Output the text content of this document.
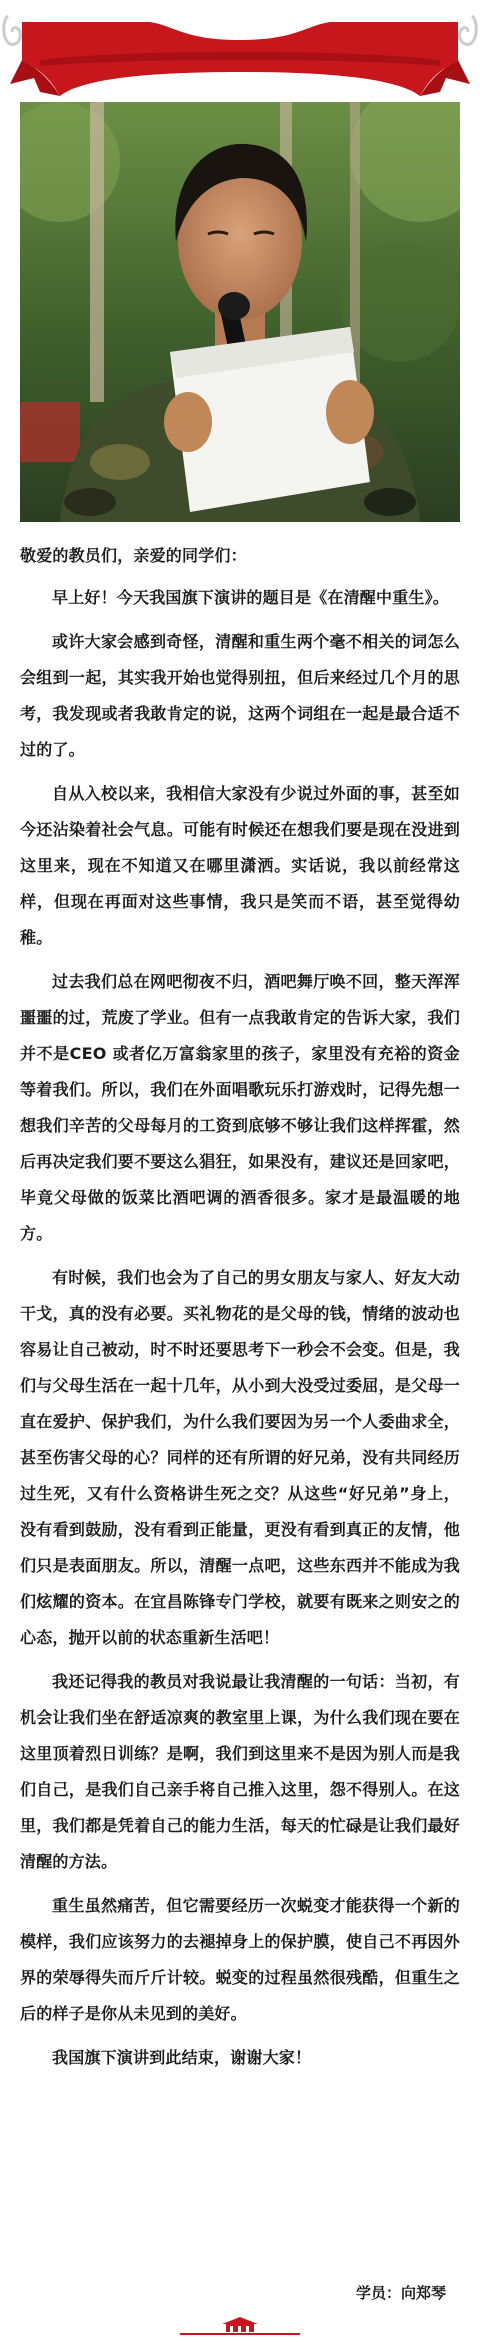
敬爱的教员们，亲爱的同学们：

早上好！今天我国旗下演讲的题目是《在清醒中重生》。

或许大家会感到奇怪，清醒和重生两个毫不相关的词怎么会组到一起，其实我开始也觉得别扭，但后来经过几个月的思考，我发现或者我敢肯定的说，这两个词组在一起是最合适不过的了。

自从入校以来，我相信大家没有少说过外面的事，甚至如今还沾染着社会气息。可能有时候还在想我们要是现在没进到这里来，现在不知道又在哪里潇洒。实话说，我以前经常这样，但现在再面对这些事情，我只是笑而不语，甚至觉得幼稚。

过去我们总在网吧彻夜不归，酒吧舞厅唤不回，整天浑浑噩噩的过，荒废了学业。但有一点我敢肯定的告诉大家，我们并不是CEO 或者亿万富翁家里的孩子，家里没有充裕的资金等着我们。所以，我们在外面唱歌玩乐打游戏时，记得先想一想我们辛苦的父母每月的工资到底够不够让我们这样挥霍，然后再决定我们要不要这么猖狂，如果没有，建议还是回家吧，毕竟父母做的饭菜比酒吧调的酒香很多。家才是最温暖的地方。

有时候，我们也会为了自己的男女朋友与家人、好友大动干戈，真的没有必要。买礼物花的是父母的钱，情绪的波动也容易让自己被动，时不时还要思考下一秒会不会变。但是，我们与父母生活在一起十几年，从小到大没受过委屈，是父母一直在爱护、保护我们，为什么我们要因为另一个人委曲求全，甚至伤害父母的心？同样的还有所谓的好兄弟，没有共同经历过生死，又有什么资格讲生死之交？从这些“好兄弟”身上，没有看到鼓励，没有看到正能量，更没有看到真正的友情，他们只是表面朋友。所以，清醒一点吧，这些东西并不能成为我们炫耀的资本。在宜昌陈锋专门学校，就要有既来之则安之的心态，抛开以前的状态重新生活吧！

我还记得我的教员对我说最让我清醒的一句话：当初，有机会让我们坐在舒适凉爽的教室里上课，为什么我们现在要在这里顶着烈日训练？是啊，我们到这里来不是因为别人而是我们自己，是我们自己亲手将自己推入这里，怨不得别人。在这里，我们都是凭着自己的能力生活，每天的忙碌是让我们最好清醒的方法。

重生虽然痛苦，但它需要经历一次蜕变才能获得一个新的模样，我们应该努力的去褪掉身上的保护膜，使自己不再因外界的荣辱得失而斤斤计较。蜕变的过程虽然很残酷，但重生之后的样子是你从未见到的美好。

我国旗下演讲到此结束，谢谢大家！

学员：向郑琴
